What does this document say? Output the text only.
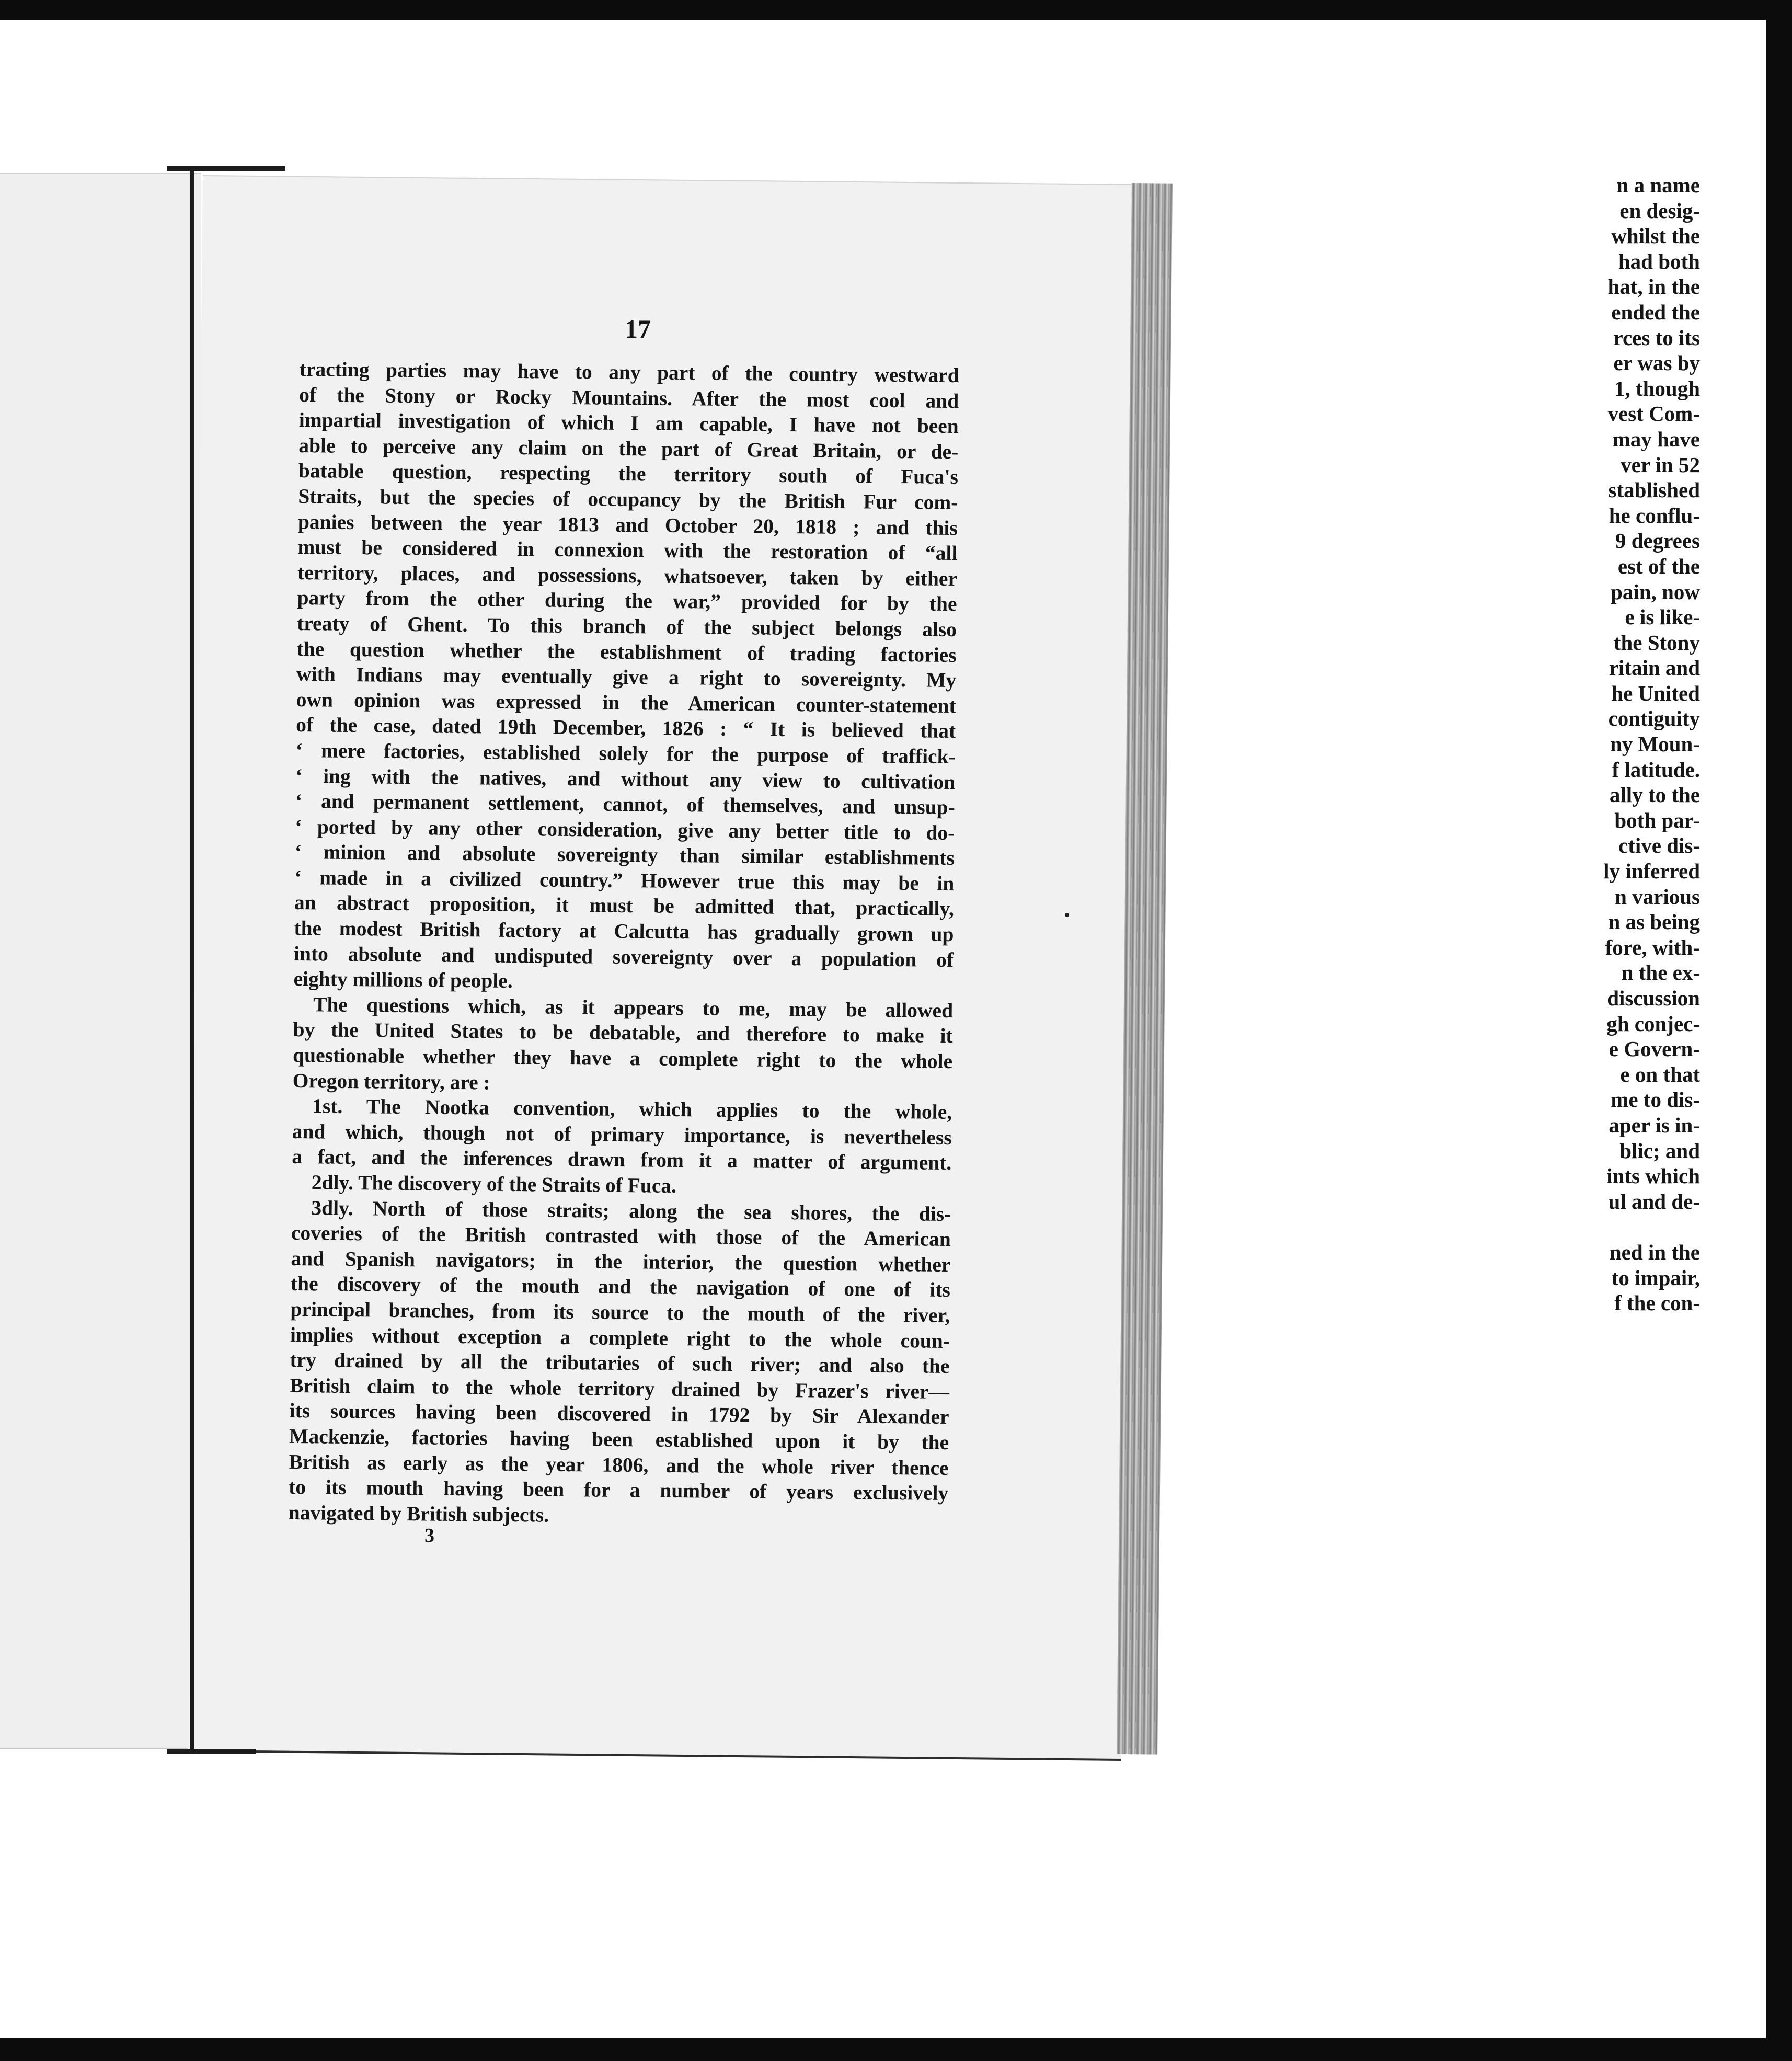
n a name
en desig-
whilst the
had both
hat, in the
ended the
rces to its
er was by
1, though
vest Com-
may have
ver in 52
stablished
he conflu-
9 degrees
est of the
pain, now
e is like-
the Stony
ritain and
he United
contiguity
ny Moun-
f latitude.
ally to the
both par-
ctive dis-
ly inferred
n various
n as being
fore, with-
n the ex-
discussion
gh conjec-
e Govern-
e on that
me to dis-
aper is in-
blic; and
ints which
ul and de-

ned in the
to impair,
f the con-
17
tracting parties may have to any part of the country westward
of the Stony or Rocky Mountains. After the most cool and
impartial investigation of which I am capable, I have not been
able to perceive any claim on the part of Great Britain, or de-
batable question, respecting the territory south of Fuca's
Straits, but the species of occupancy by the British Fur com-
panies between the year 1813 and October 20, 1818 ; and this
must be considered in connexion with the restoration of “all
territory, places, and possessions, whatsoever, taken by either
party from the other during the war,” provided for by the
treaty of Ghent. To this branch of the subject belongs also
the question whether the establishment of trading factories
with Indians may eventually give a right to sovereignty. My
own opinion was expressed in the American counter-statement
of the case, dated 19th December, 1826 : “ It is believed that
‘ mere factories, established solely for the purpose of traffick-
‘ ing with the natives, and without any view to cultivation
‘ and permanent settlement, cannot, of themselves, and unsup-
‘ ported by any other consideration, give any better title to do-
‘ minion and absolute sovereignty than similar establishments
‘ made in a civilized country.” However true this may be in
an abstract proposition, it must be admitted that, practically,
the modest British factory at Calcutta has gradually grown up
into absolute and undisputed sovereignty over a population of
eighty millions of people.
The questions which, as it appears to me, may be allowed
by the United States to be debatable, and therefore to make it
questionable whether they have a complete right to the whole
Oregon territory, are :
1st. The Nootka convention, which applies to the whole,
and which, though not of primary importance, is nevertheless
a fact, and the inferences drawn from it a matter of argument.
2dly. The discovery of the Straits of Fuca.
3dly. North of those straits; along the sea shores, the dis-
coveries of the British contrasted with those of the American
and Spanish navigators; in the interior, the question whether
the discovery of the mouth and the navigation of one of its
principal branches, from its source to the mouth of the river,
implies without exception a complete right to the whole coun-
try drained by all the tributaries of such river; and also the
British claim to the whole territory drained by Frazer's river—
its sources having been discovered in 1792 by Sir Alexander
Mackenzie, factories having been established upon it by the
British as early as the year 1806, and the whole river thence
to its mouth having been for a number of years exclusively
navigated by British subjects.
3
